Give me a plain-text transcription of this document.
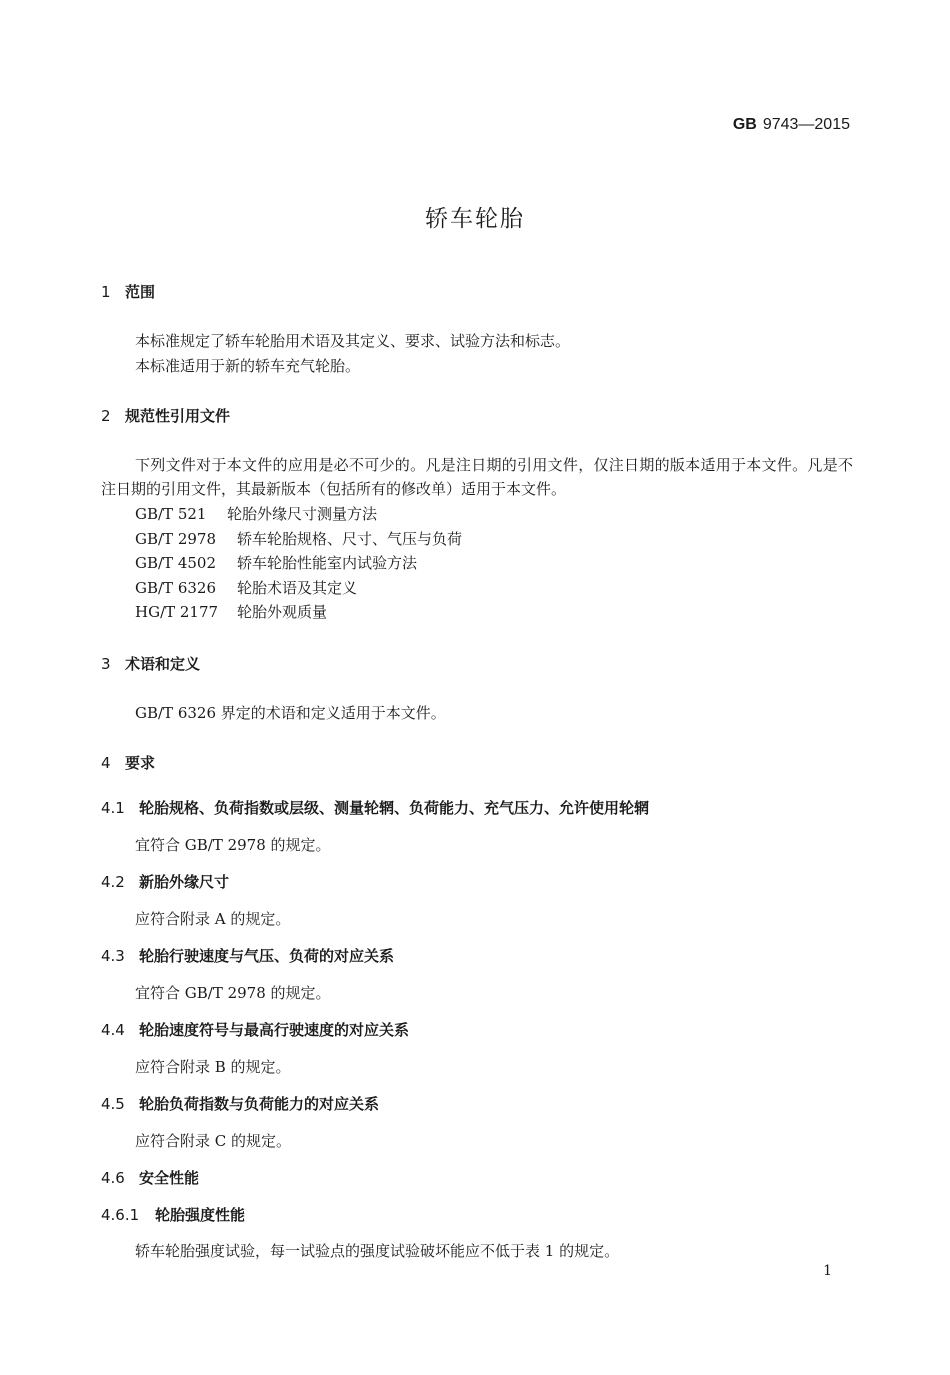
GB 9743—2015
轿车轮胎
1 范围
本标准规定了轿车轮胎用术语及其定义、要求、试验方法和标志。
本标准适用于新的轿车充气轮胎。
2 规范性引用文件
下列文件对于本文件的应用是必不可少的。凡是注日期的引用文件，仅注日期的版本适用于本文件。凡是不注日期的引用文件，其最新版本（包括所有的修改单）适用于本文件。
GB/T 521 轮胎外缘尺寸测量方法
GB/T 2978 轿车轮胎规格、尺寸、气压与负荷
GB/T 4502 轿车轮胎性能室内试验方法
GB/T 6326 轮胎术语及其定义
HG/T 2177 轮胎外观质量
3 术语和定义
GB/T 6326 界定的术语和定义适用于本文件。
4 要求
4.1 轮胎规格、负荷指数或层级、测量轮辋、负荷能力、充气压力、允许使用轮辋
宜符合 GB/T 2978 的规定。
4.2 新胎外缘尺寸
应符合附录 A 的规定。
4.3 轮胎行驶速度与气压、负荷的对应关系
宜符合 GB/T 2978 的规定。
4.4 轮胎速度符号与最高行驶速度的对应关系
应符合附录 B 的规定。
4.5 轮胎负荷指数与负荷能力的对应关系
应符合附录 C 的规定。
4.6 安全性能
4.6.1 轮胎强度性能
轿车轮胎强度试验，每一试验点的强度试验破坏能应不低于表 1 的规定。
1
